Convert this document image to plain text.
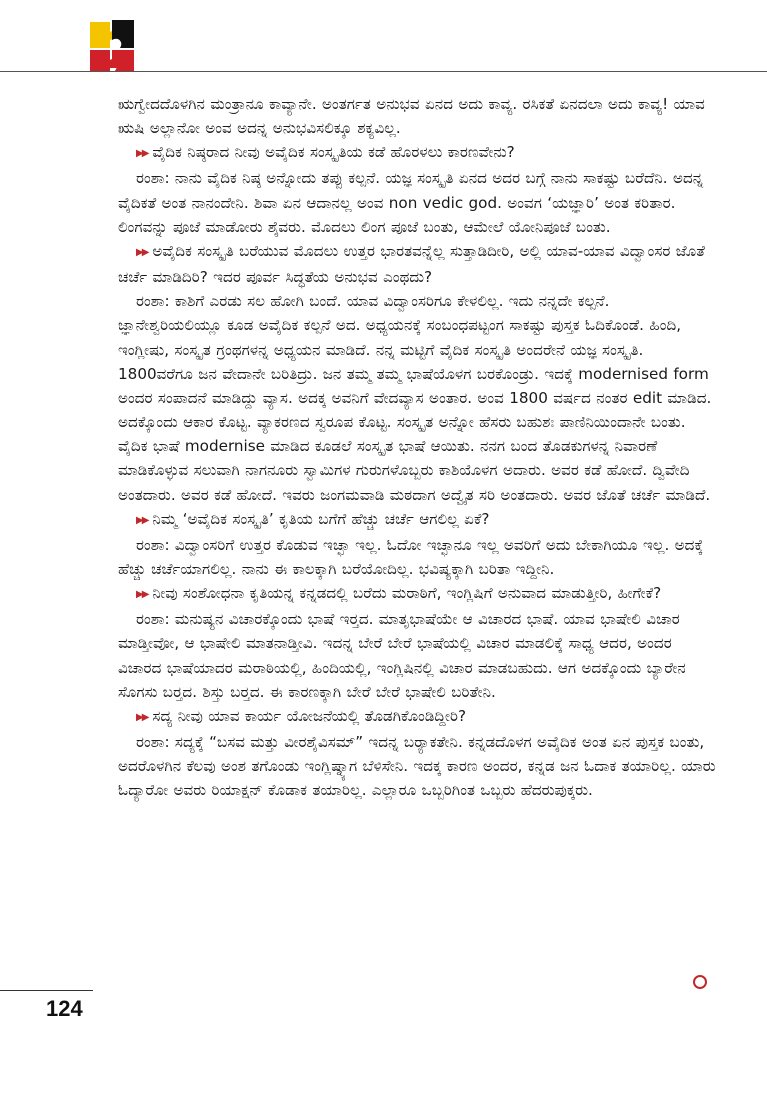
ಋಗ್ವೇದದೊಳಗಿನ ಮಂತ್ರಾನೂ ಕಾವ್ಯಾನೇ. ಅಂತರ್ಗತ ಅನುಭವ ಏನದ ಅದು ಕಾವ್ಯ. ರಸಿಕತೆ ಏನದಲಾ ಅದು ಕಾವ್ಯ! ಯಾವ ಋಷಿ ಅಲ್ಲಾನೋ ಅಂವ ಅದನ್ನ ಅನುಭವಿಸಲಿಕ್ಕೂ ಶಕ್ಯವಿಲ್ಲ.

▶▶ ವೈದಿಕ ನಿಷ್ಠರಾದ ನೀವು ಅವೈದಿಕ ಸಂಸ್ಕೃತಿಯ ಕಡೆ ಹೊರಳಲು ಕಾರಣವೇನು?

ರಂಶಾ: ನಾನು ವೈದಿಕ ನಿಷ್ಠ ಅನ್ನೋದು ತಪ್ಪು ಕಲ್ಪನೆ. ಯಜ್ಞ ಸಂಸ್ಕೃತಿ ಏನದ ಅದರ ಬಗ್ಗೆ ನಾನು ಸಾಕಷ್ಟು ಬರೆದೆನಿ. ಅದನ್ನ ವೈದಿಕತೆ ಅಂತ ನಾನಂದೇನಿ. ಶಿವಾ ಏನ ಆದಾನಲ್ಲ ಅಂವ non vedic god. ಅಂವಗ ‘ಯಜ್ಞಾರಿ’ ಅಂತ ಕರಿತಾರ. ಲಿಂಗವನ್ನು ಪೂಜೆ ಮಾಡೋರು ಶೈವರು. ಮೊದಲು ಲಿಂಗ ಪೂಜೆ ಬಂತು, ಆಮೇಲೆ ಯೋನಿಪೂಜೆ ಬಂತು.

▶▶ ಅವೈದಿಕ ಸಂಸ್ಕೃತಿ ಬರೆಯುವ ಮೊದಲು ಉತ್ತರ ಭಾರತವನ್ನೆಲ್ಲ ಸುತ್ತಾಡಿದೀರಿ, ಅಲ್ಲಿ ಯಾವ-ಯಾವ ವಿದ್ವಾಂಸರ ಜೊತೆ ಚರ್ಚೆ ಮಾಡಿದಿರಿ? ಇದರ ಪೂರ್ವ ಸಿದ್ಧತೆಯ ಅನುಭವ ಎಂಥದು?

ರಂಶಾ: ಕಾಶಿಗೆ ಎರಡು ಸಲ ಹೋಗಿ ಬಂದೆ. ಯಾವ ವಿದ್ವಾಂಸರಿಗೂ ಕೇಳಲಿಲ್ಲ. ಇದು ನನ್ನದೇ ಕಲ್ಪನೆ. ಜ್ಞಾನೇಶ್ವರಿಯಲಿಯ್ಲೂ ಕೂಡ ಅವೈದಿಕ ಕಲ್ಪನೆ ಅದ. ಅಧ್ಯಯನಕ್ಕೆ ಸಂಬಂಧಪಟ್ಟಂಗ ಸಾಕಷ್ಟು ಪುಸ್ತಕ ಓದಿಕೊಂಡೆ. ಹಿಂದಿ, ಇಂಗ್ಲೀಷು, ಸಂಸ್ಕೃತ ಗ್ರಂಥಗಳನ್ನ ಅಧ್ಯಯನ ಮಾಡಿದೆ. ನನ್ನ ಮಟ್ಟಿಗೆ ವೈದಿಕ ಸಂಸ್ಕೃತಿ ಅಂದರೇನೆ ಯಜ್ಞ ಸಂಸ್ಕೃತಿ. 1800ವರೆಗೂ ಜನ ವೇದಾನೇ ಬರಿತಿದ್ರು. ಜನ ತಮ್ಮ ತಮ್ಮ ಭಾಷೆಯೊಳಗ ಬರಕೊಂಡ್ರು. ಇದಕ್ಕೆ modernised form ಅಂದರ ಸಂಪಾದನೆ ಮಾಡಿದ್ದು ವ್ಯಾಸ. ಅದಕ್ಕ ಅವನಿಗೆ ವೇದವ್ಯಾಸ ಅಂತಾರ. ಅಂವ 1800 ವರ್ಷದ ನಂತರ edit ಮಾಡಿದ. ಅದಕ್ಕೊಂದು ಆಕಾರ ಕೊಟ್ಟ. ವ್ಯಾಕರಣದ ಸ್ವರೂಪ ಕೊಟ್ಟ. ಸಂಸ್ಕೃತ ಅನ್ನೋ ಹೆಸರು ಬಹುಶಃ ಪಾಣಿನಿಯಿಂದಾನೇ ಬಂತು. ವೈದಿಕ ಭಾಷೆ modernise ಮಾಡಿದ ಕೂಡಲೆ ಸಂಸ್ಕೃತ ಭಾಷೆ ಆಯಿತು. ನನಗ ಬಂದ ತೊಡಕುಗಳನ್ನ ನಿವಾರಣೆ ಮಾಡಿಕೊಳ್ಳುವ ಸಲುವಾಗಿ ನಾಗನೂರು ಸ್ವಾಮಿಗಳ ಗುರುಗಳೊಬ್ಬರು ಕಾಶಿಯೊಳಗ ಅದಾರು. ಅವರ ಕಡೆ ಹೋದೆ. ದ್ವಿವೇದಿ ಅಂತದಾರು. ಅವರ ಕಡೆ ಹೋದೆ. ಇವರು ಜಂಗಮವಾಡಿ ಮಠದಾಗ ಅದ್ವೈತ ಸರಿ ಅಂತದಾರು. ಅವರ ಜೊತೆ ಚರ್ಚೆ ಮಾಡಿದೆ.

▶▶ ನಿಮ್ಮ ‘ಅವೈದಿಕ ಸಂಸ್ಕೃತಿ’ ಕೃತಿಯ ಬಗೆಗೆ ಹೆಚ್ಚು ಚರ್ಚೆ ಆಗಲಿಲ್ಲ ಏಕೆ?

ರಂಶಾ: ವಿದ್ವಾಂಸರಿಗೆ ಉತ್ತರ ಕೊಡುವ ಇಚ್ಛಾ ಇಲ್ಲ. ಓದೋ ಇಚ್ಛಾನೂ ಇಲ್ಲ ಅವರಿಗೆ ಅದು ಬೇಕಾಗಿಯೂ ಇಲ್ಲ. ಅದಕ್ಕೆ ಹೆಚ್ಚು ಚರ್ಚೆಯಾಗಲಿಲ್ಲ. ನಾನು ಈ ಕಾಲಕ್ಕಾಗಿ ಬರೆಯೋದಿಲ್ಲ. ಭವಿಷ್ಯಕ್ಕಾಗಿ ಬರಿತಾ ಇದ್ದೀನಿ.

▶▶ ನೀವು ಸಂಶೋಧನಾ ಕೃತಿಯನ್ನ ಕನ್ನಡದಲ್ಲಿ ಬರೆದು ಮರಾಠಿಗೆ, ಇಂಗ್ಲಿಷಿಗೆ ಅನುವಾದ ಮಾಡುತ್ತೀರಿ, ಹೀಗೇಕೆ?

ರಂಶಾ: ಮನುಷ್ಯನ ವಿಚಾರಕ್ಕೊಂದು ಭಾಷೆ ಇರ್‍ತದ. ಮಾತೃಭಾಷೆಯೇ ಆ ವಿಚಾರದ ಭಾಷೆ. ಯಾವ ಭಾಷೇಲಿ ವಿಚಾರ ಮಾಡ್ತೀವೋ, ಆ ಭಾಷೇಲಿ ಮಾತನಾಡ್ತೀವಿ. ಇದನ್ನ ಬೇರೆ ಬೇರೆ ಭಾಷೆಯಲ್ಲಿ ವಿಚಾರ ಮಾಡಲಿಕ್ಕೆ ಸಾಧ್ಯ ಆದರ, ಅಂದರ ವಿಚಾರದ ಭಾಷೆಯಾದರ ಮರಾಠಿಯಲ್ಲಿ, ಹಿಂದಿಯಲ್ಲಿ, ಇಂಗ್ಲಿಷಿನಲ್ಲಿ ವಿಚಾರ ಮಾಡಬಹುದು. ಆಗ ಅದಕ್ಕೊಂದು ಬ್ಯಾರೇನ ಸೊಗಸು ಬರ್‍ತದ. ಶಿಸ್ತು ಬರ್‍ತದ. ಈ ಕಾರಣಕ್ಕಾಗಿ ಬೇರೆ ಬೇರೆ ಭಾಷೇಲಿ ಬರಿತೇನಿ.

▶▶ ಸದ್ಯ ನೀವು ಯಾವ ಕಾರ್ಯ ಯೋಜನೆಯಲ್ಲಿ ತೊಡಗಿಕೊಂಡಿದ್ದೀರಿ?

ರಂಶಾ: ಸದ್ಯಕ್ಕೆ “ಬಸವ ಮತ್ತು ವೀರಶೈವಿಸಮ್” ಇದನ್ನ ಬರ್‍ಯಾಕತೇನಿ. ಕನ್ನಡದೊಳಗ ಅವೈದಿಕ ಅಂತ ಏನ ಪುಸ್ತಕ ಬಂತು, ಅದರೊಳಗಿನ ಕೆಲವು ಅಂಶ ತಗೊಂಡು ಇಂಗ್ಲಿಷ್ನ್ಯಾಗ ಬೆಳಿಸೇನಿ. ಇದಕ್ಕ ಕಾರಣ ಅಂದರ, ಕನ್ನಡ ಜನ ಓದಾಕ ತಯಾರಿಲ್ಲ. ಯಾರು ಓದ್ಯಾರೋ ಅವರು ರಿಯಾಕ್ಷನ್ ಕೊಡಾಕ ತಯಾರಿಲ್ಲ. ಎಲ್ಲಾರೂ ಒಬ್ಬರಿಗಿಂತ ಒಬ್ಬರು ಹೆದರುಪುಕ್ಕರು.

124
